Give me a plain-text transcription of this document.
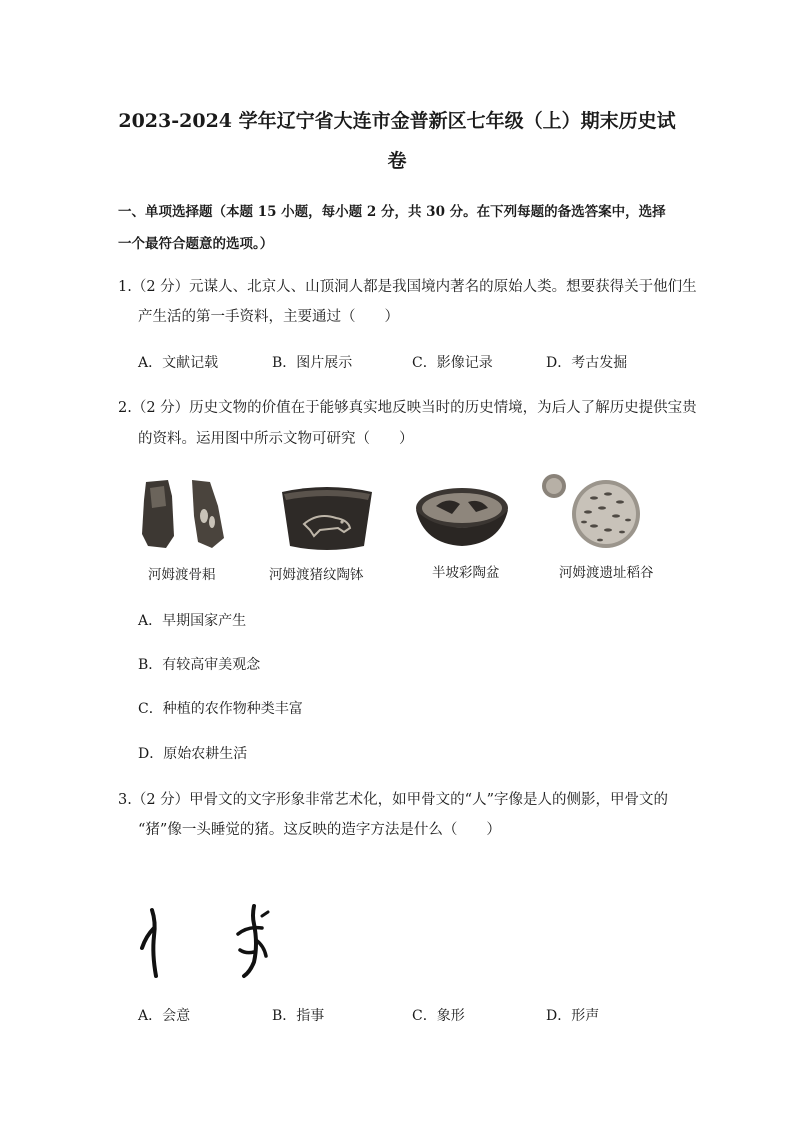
2023-2024 学年辽宁省大连市金普新区七年级（上）期末历史试
卷
一、单项选择题（本题 15 小题，每小题 2 分，共 30 分。在下列每题的备选答案中，选择
一个最符合题意的选项。）
1.（2 分）元谋人、北京人、山顶洞人都是我国境内著名的原始人类。想要获得关于他们生
产生活的第一手资料，主要通过（　　）
A．文献记载	B．图片展示	C．影像记录	D．考古发掘
2.（2 分）历史文物的价值在于能够真实地反映当时的历史情境，为后人了解历史提供宝贵
的资料。运用图中所示文物可研究（　　）
河姆渡骨耜	河姆渡猪纹陶钵	半坡彩陶盆	河姆渡遗址稻谷
A．早期国家产生
B．有较高审美观念
C．种植的农作物种类丰富
D．原始农耕生活
3.（2 分）甲骨文的文字形象非常艺术化，如甲骨文的“人”字像是人的侧影，甲骨文的
“猪”像一头睡觉的猪。这反映的造字方法是什么（　　）
A．会意	B．指事	C．象形	D．形声
